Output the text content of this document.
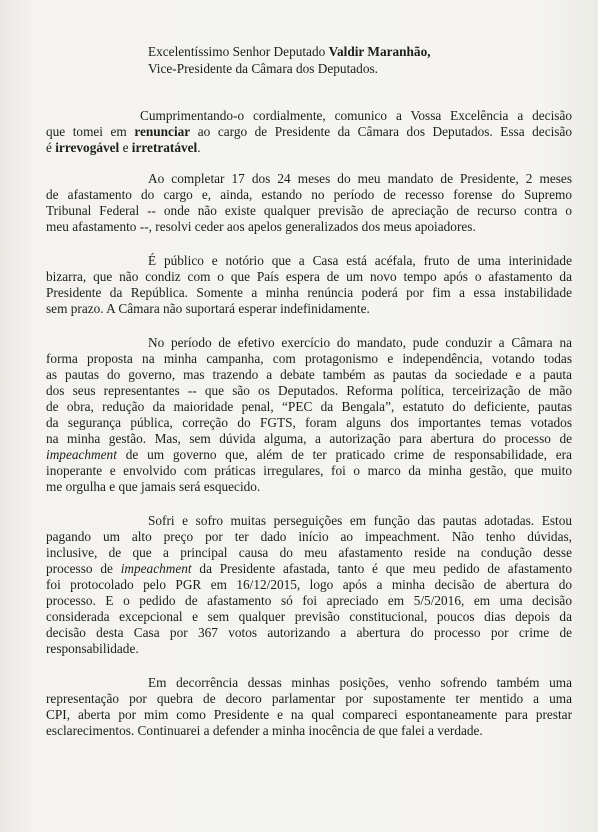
Excelentíssimo Senhor Deputado Valdir Maranhão,
Vice-Presidente da Câmara dos Deputados.
Cumprimentando-o cordialmente, comunico a Vossa Excelência a decisão
que tomei em renunciar ao cargo de Presidente da Câmara dos Deputados. Essa decisão
é irrevogável e irretratável.
Ao completar 17 dos 24 meses do meu mandato de Presidente, 2 meses
de afastamento do cargo e, ainda, estando no período de recesso forense do Supremo
Tribunal Federal -- onde não existe qualquer previsão de apreciação de recurso contra o
meu afastamento --, resolvi ceder aos apelos generalizados dos meus apoiadores.
É público e notório que a Casa está acéfala, fruto de uma interinidade
bizarra, que não condiz com o que País espera de um novo tempo após o afastamento da
Presidente da República. Somente a minha renúncia poderá por fim a essa instabilidade
sem prazo. A Câmara não suportará esperar indefinidamente.
No período de efetivo exercício do mandato, pude conduzir a Câmara na
forma proposta na minha campanha, com protagonismo e independência, votando todas
as pautas do governo, mas trazendo a debate também as pautas da sociedade e a pauta
dos seus representantes -- que são os Deputados. Reforma política, terceirização de mão
de obra, redução da maioridade penal, “PEC da Bengala”, estatuto do deficiente, pautas
da segurança pública, correção do FGTS, foram alguns dos importantes temas votados
na minha gestão. Mas, sem dúvida alguma, a autorização para abertura do processo de
impeachment de um governo que, além de ter praticado crime de responsabilidade, era
inoperante e envolvido com práticas irregulares, foi o marco da minha gestão, que muito
me orgulha e que jamais será esquecido.
Sofri e sofro muitas perseguições em função das pautas adotadas. Estou
pagando um alto preço por ter dado início ao impeachment. Não tenho dúvidas,
inclusive, de que a principal causa do meu afastamento reside na condução desse
processo de impeachment da Presidente afastada, tanto é que meu pedido de afastamento
foi protocolado pelo PGR em 16/12/2015, logo após a minha decisão de abertura do
processo. E o pedido de afastamento só foi apreciado em 5/5/2016, em uma decisão
considerada excepcional e sem qualquer previsão constitucional, poucos dias depois da
decisão desta Casa por 367 votos autorizando a abertura do processo por crime de
responsabilidade.
Em decorrência dessas minhas posições, venho sofrendo também uma
representação por quebra de decoro parlamentar por supostamente ter mentido a uma
CPI, aberta por mim como Presidente e na qual compareci espontaneamente para prestar
esclarecimentos. Continuarei a defender a minha inocência de que falei a verdade.
